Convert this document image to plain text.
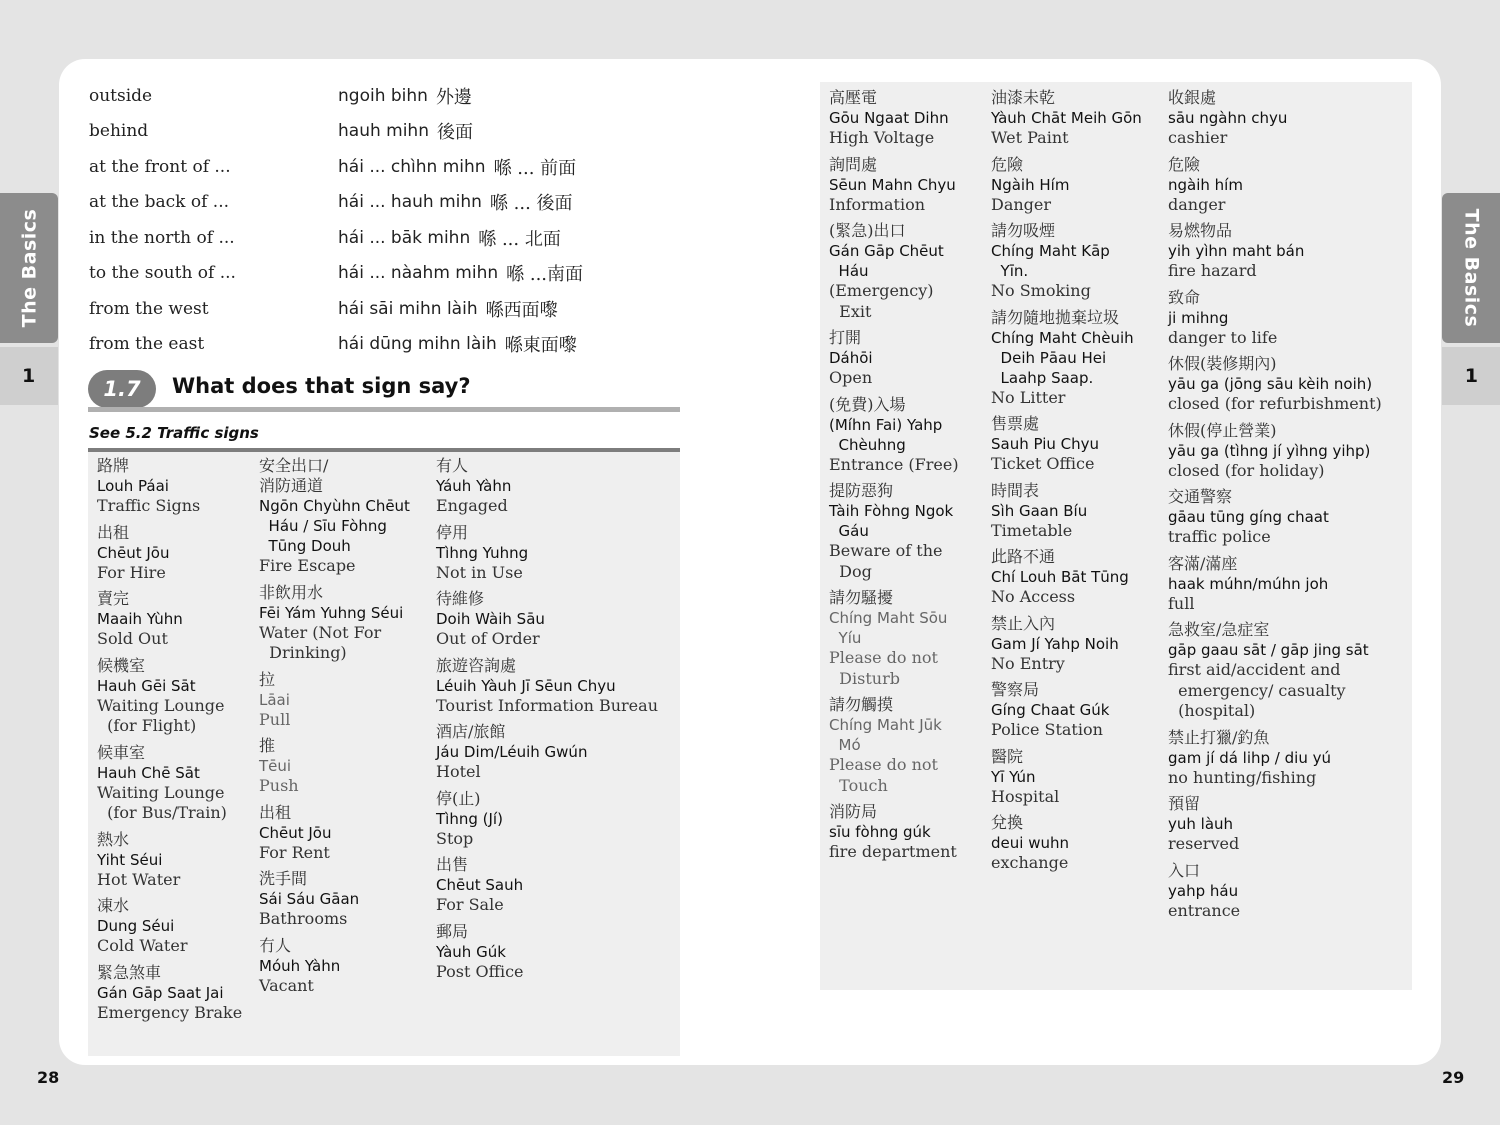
The Basics
1
The Basics
1
28	29
outside	ngoih bihn 外邊
behind	hauh mihn 後面
at the front of ...	hái ... chìhn mihn 喺 ... 前面
at the back of ...	hái ... hauh mihn 喺 ... 後面
in the north of ...	hái ... bāk mihn 喺 ... 北面
to the south of ...	hái ... nàahm mihn 喺 ...南面
from the west	hái sāi mihn làih 喺西面嚟
from the east	hái dūng mihn làih 喺東面嚟
1.7	What does that sign say?
See 5.2 Traffic signs
路牌
Louh Páai
Traffic Signs
出租
Chēut Jōu
For Hire
賣完
Maaih Yùhn
Sold Out
候機室
Hauh Gēi Sāt
Waiting Lounge
(for Flight)
候車室
Hauh Chē Sāt
Waiting Lounge
(for Bus/Train)
熱水
Yiht Séui
Hot Water
凍水
Dung Séui
Cold Water
緊急煞車
Gán Gāp Saat Jai
Emergency Brake
安全出口/
消防通道
Ngōn Chyùhn Chēut
Háu / Sīu Fòhng
Tūng Douh
Fire Escape
非飲用水
Fēi Yám Yuhng Séui
Water (Not For
Drinking)
拉
Lāai
Pull
推
Tēui
Push
出租
Chēut Jōu
For Rent
洗手間
Sái Sáu Gāan
Bathrooms
冇人
Móuh Yàhn
Vacant
有人
Yáuh Yàhn
Engaged
停用
Tìhng Yuhng
Not in Use
待維修
Doih Wàih Sāu
Out of Order
旅遊咨詢處
Léuih Yàuh Jī Sēun Chyu
Tourist Information Bureau
酒店/旅館
Jáu Dim/Léuih Gwún
Hotel
停(止)
Tìhng (Jí)
Stop
出售
Chēut Sauh
For Sale
郵局
Yàuh Gúk
Post Office
高壓電
Gōu Ngaat Dihn
High Voltage
詢問處
Sēun Mahn Chyu
Information
(緊急)出口
Gán Gāp Chēut
Háu
(Emergency)
Exit
打開
Dáhōi
Open
(免費)入場
(Míhn Fai) Yahp
Chèuhng
Entrance (Free)
提防惡狗
Tàih Fòhng Ngok
Gáu
Beware of the
Dog
請勿騷擾
Chíng Maht Sōu
Yíu
Please do not
Disturb
請勿觸摸
Chíng Maht Jūk
Mó
Please do not
Touch
消防局
sīu fòhng gúk
fire department
油漆未乾
Yàuh Chāt Meih Gōn
Wet Paint
危險
Ngàih Hím
Danger
請勿吸煙
Chíng Maht Kāp
Yīn.
No Smoking
請勿隨地拋棄垃圾
Chíng Maht Chèuih
Deih Pāau Hei
Laahp Saap.
No Litter
售票處
Sauh Piu Chyu
Ticket Office
時間表
Sìh Gaan Bíu
Timetable
此路不通
Chí Louh Bāt Tūng
No Access
禁止入內
Gam Jí Yahp Noih
No Entry
警察局
Gíng Chaat Gúk
Police Station
醫院
Yī Yún
Hospital
兌換
deui wuhn
exchange
收銀處
sāu ngàhn chyu
cashier
危險
ngàih hím
danger
易燃物品
yih yìhn maht bán
fire hazard
致命
ji mihng
danger to life
休假(裝修期內)
yāu ga (jōng sāu kèih noih)
closed (for refurbishment)
休假(停止營業)
yāu ga (tìhng jí yìhng yihp)
closed (for holiday)
交通警察
gāau tūng gíng chaat
traffic police
客滿/滿座
haak múhn/múhn joh
full
急救室/急症室
gāp gaau sāt / gāp jing sāt
first aid/accident and
emergency/ casualty
(hospital)
禁止打獵/釣魚
gam jí dá lihp / diu yú
no hunting/fishing
預留
yuh làuh
reserved
入口
yahp háu
entrance
